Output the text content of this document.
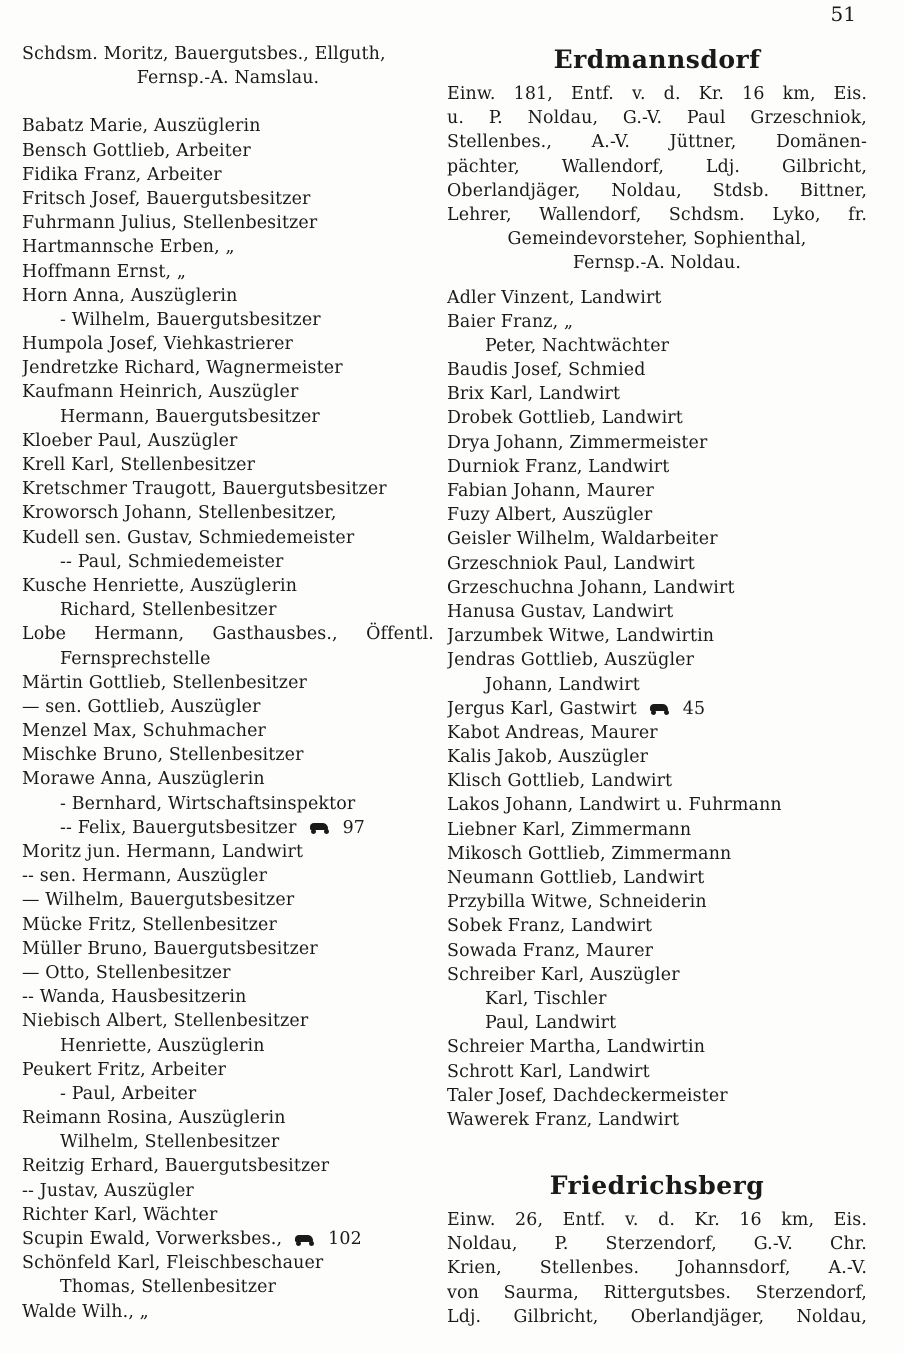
51
Schdsm. Moritz, Bauergutsbes., Ellguth,
Fernsp.-A. Namslau.
Babatz Marie, Auszüglerin
Bensch Gottlieb, Arbeiter
Fidika Franz, Arbeiter
Fritsch Josef, Bauergutsbesitzer
Fuhrmann Julius, Stellenbesitzer
Hartmannsche Erben, „
Hoffmann Ernst, „
Horn Anna, Auszüglerin
- Wilhelm, Bauergutsbesitzer
Humpola Josef, Viehkastrierer
Jendretzke Richard, Wagnermeister
Kaufmann Heinrich, Auszügler
Hermann, Bauergutsbesitzer
Kloeber Paul, Auszügler
Krell Karl, Stellenbesitzer
Kretschmer Traugott, Bauergutsbesitzer
Kroworsch Johann, Stellenbesitzer,
Kudell sen. Gustav, Schmiedemeister
-- Paul, Schmiedemeister
Kusche Henriette, Auszüglerin
Richard, Stellenbesitzer
Lobe Hermann, Gasthausbes., Öffentl.
Fernsprechstelle
Märtin Gottlieb, Stellenbesitzer
— sen. Gottlieb, Auszügler
Menzel Max, Schuhmacher
Mischke Bruno, Stellenbesitzer
Morawe Anna, Auszüglerin
- Bernhard, Wirtschaftsinspektor
-- Felix, Bauergutsbesitzer	97
Moritz jun. Hermann, Landwirt
-- sen. Hermann, Auszügler
— Wilhelm, Bauergutsbesitzer
Mücke Fritz, Stellenbesitzer
Müller Bruno, Bauergutsbesitzer
— Otto, Stellenbesitzer
-- Wanda, Hausbesitzerin
Niebisch Albert, Stellenbesitzer
Henriette, Auszüglerin
Peukert Fritz, Arbeiter
- Paul, Arbeiter
Reimann Rosina, Auszüglerin
Wilhelm, Stellenbesitzer
Reitzig Erhard, Bauergutsbesitzer
-- Justav, Auszügler
Richter Karl, Wächter
Scupin Ewald, Vorwerksbes.,	102
Schönfeld Karl, Fleischbeschauer
Thomas, Stellenbesitzer
Walde Wilh., „
Erdmannsdorf
Einw. 181, Entf. v. d. Kr. 16 km, Eis.
u. P. Noldau, G.-V. Paul Grzeschniok,
Stellenbes., A.-V. Jüttner, Domänen-
pächter, Wallendorf, Ldj. Gilbricht,
Oberlandjäger, Noldau, Stdsb. Bittner,
Lehrer, Wallendorf, Schdsm. Lyko, fr.
Gemeindevorsteher, Sophienthal,
Fernsp.-A. Noldau.
Adler Vinzent, Landwirt
Baier Franz, „
Peter, Nachtwächter
Baudis Josef, Schmied
Brix Karl, Landwirt
Drobek Gottlieb, Landwirt
Drya Johann, Zimmermeister
Durniok Franz, Landwirt
Fabian Johann, Maurer
Fuzy Albert, Auszügler
Geisler Wilhelm, Waldarbeiter
Grzeschniok Paul, Landwirt
Grzeschuchna Johann, Landwirt
Hanusa Gustav, Landwirt
Jarzumbek Witwe, Landwirtin
Jendras Gottlieb, Auszügler
Johann, Landwirt
Jergus Karl, Gastwirt	45
Kabot Andreas, Maurer
Kalis Jakob, Auszügler
Klisch Gottlieb, Landwirt
Lakos Johann, Landwirt u. Fuhrmann
Liebner Karl, Zimmermann
Mikosch Gottlieb, Zimmermann
Neumann Gottlieb, Landwirt
Przybilla Witwe, Schneiderin
Sobek Franz, Landwirt
Sowada Franz, Maurer
Schreiber Karl, Auszügler
Karl, Tischler
Paul, Landwirt
Schreier Martha, Landwirtin
Schrott Karl, Landwirt
Taler Josef, Dachdeckermeister
Wawerek Franz, Landwirt
Friedrichsberg
Einw. 26, Entf. v. d. Kr. 16 km, Eis.
Noldau, P. Sterzendorf, G.-V. Chr.
Krien, Stellenbes. Johannsdorf, A.-V.
von Saurma, Rittergutsbes. Sterzendorf,
Ldj. Gilbricht, Oberlandjäger, Noldau,
